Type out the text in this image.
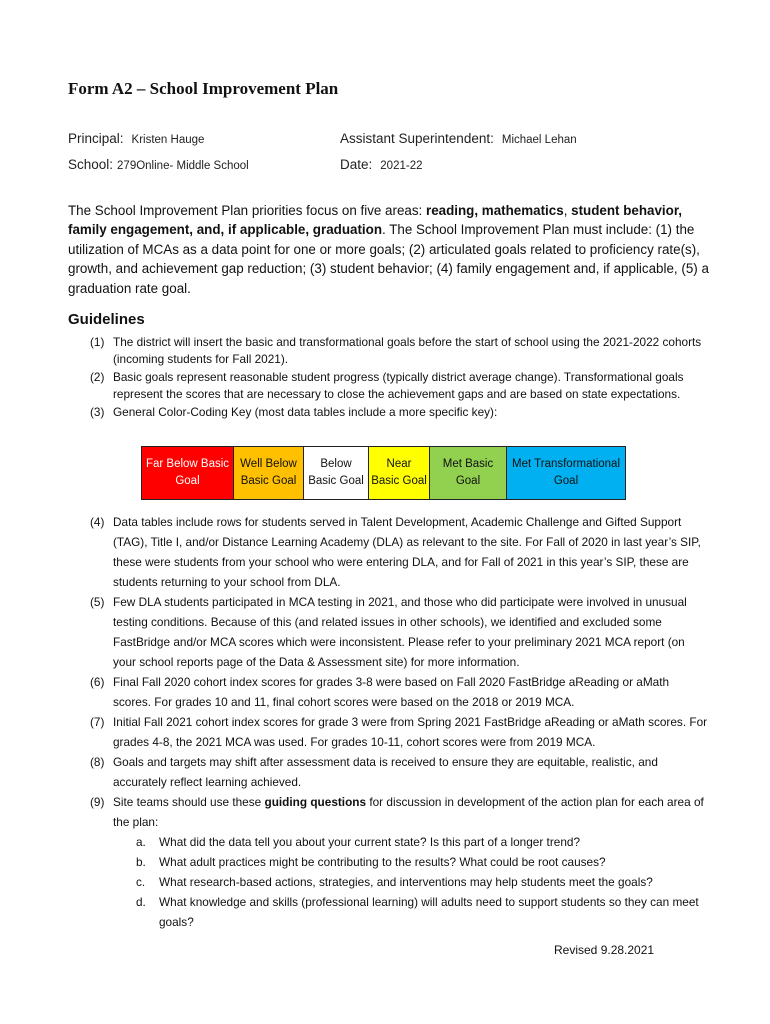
Form A2 – School Improvement Plan
Principal: Kristen Hauge	Assistant Superintendent: Michael Lehan
School: 279Online- Middle School	Date: 2021-22
The School Improvement Plan priorities focus on five areas: reading, mathematics, student behavior, family engagement, and, if applicable, graduation. The School Improvement Plan must include: (1) the utilization of MCAs as a data point for one or more goals; (2) articulated goals related to proficiency rate(s), growth, and achievement gap reduction; (3) student behavior; (4) family engagement and, if applicable, (5) a graduation rate goal.
Guidelines
(1) The district will insert the basic and transformational goals before the start of school using the 2021-2022 cohorts (incoming students for Fall 2021).
(2) Basic goals represent reasonable student progress (typically district average change). Transformational goals represent the scores that are necessary to close the achievement gaps and are based on state expectations.
(3) General Color-Coding Key (most data tables include a more specific key):
Far Below Basic Goal	Well Below Basic Goal	Below Basic Goal	Near Basic Goal	Met Basic Goal	Met Transformational Goal
(4) Data tables include rows for students served in Talent Development, Academic Challenge and Gifted Support (TAG), Title I, and/or Distance Learning Academy (DLA) as relevant to the site. For Fall of 2020 in last year’s SIP, these were students from your school who were entering DLA, and for Fall of 2021 in this year’s SIP, these are students returning to your school from DLA.
(5) Few DLA students participated in MCA testing in 2021, and those who did participate were involved in unusual testing conditions. Because of this (and related issues in other schools), we identified and excluded some FastBridge and/or MCA scores which were inconsistent. Please refer to your preliminary 2021 MCA report (on your school reports page of the Data & Assessment site) for more information.
(6) Final Fall 2020 cohort index scores for grades 3-8 were based on Fall 2020 FastBridge aReading or aMath scores. For grades 10 and 11, final cohort scores were based on the 2018 or 2019 MCA.
(7) Initial Fall 2021 cohort index scores for grade 3 were from Spring 2021 FastBridge aReading or aMath scores. For grades 4-8, the 2021 MCA was used. For grades 10-11, cohort scores were from 2019 MCA.
(8) Goals and targets may shift after assessment data is received to ensure they are equitable, realistic, and accurately reflect learning achieved.
(9) Site teams should use these guiding questions for discussion in development of the action plan for each area of the plan:
a. What did the data tell you about your current state? Is this part of a longer trend?
b. What adult practices might be contributing to the results? What could be root causes?
c. What research-based actions, strategies, and interventions may help students meet the goals?
d. What knowledge and skills (professional learning) will adults need to support students so they can meet goals?
Revised 9.28.2021
